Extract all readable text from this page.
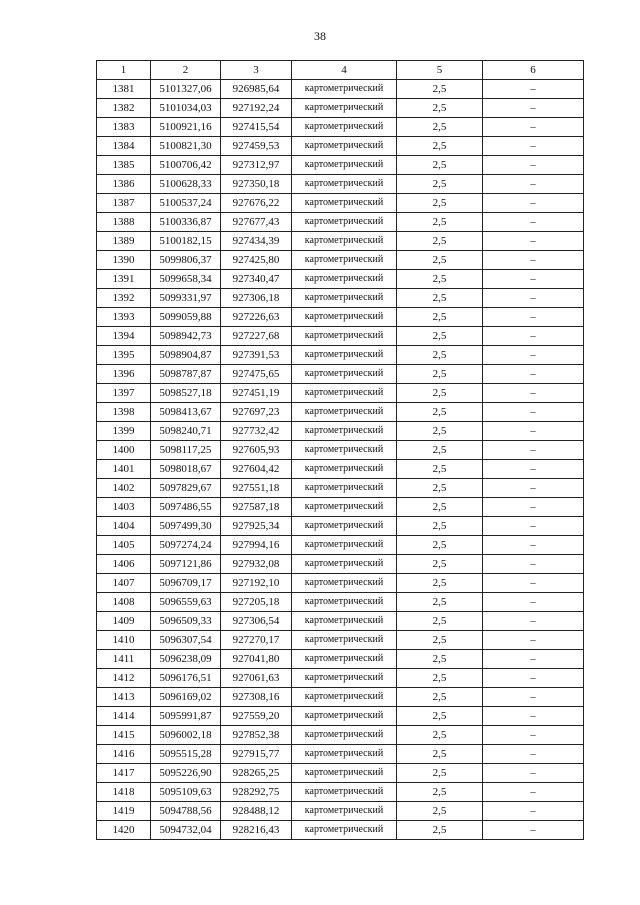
38
1	2	3	4	5	6
1381	5101327,06	926985,64	картометрический	2,5	–
1382	5101034,03	927192,24	картометрический	2,5	–
1383	5100921,16	927415,54	картометрический	2,5	–
1384	5100821,30	927459,53	картометрический	2,5	–
1385	5100706,42	927312,97	картометрический	2,5	–
1386	5100628,33	927350,18	картометрический	2,5	–
1387	5100537,24	927676,22	картометрический	2,5	–
1388	5100336,87	927677,43	картометрический	2,5	–
1389	5100182,15	927434,39	картометрический	2,5	–
1390	5099806,37	927425,80	картометрический	2,5	–
1391	5099658,34	927340,47	картометрический	2,5	–
1392	5099331,97	927306,18	картометрический	2,5	–
1393	5099059,88	927226,63	картометрический	2,5	–
1394	5098942,73	927227,68	картометрический	2,5	–
1395	5098904,87	927391,53	картометрический	2,5	–
1396	5098787,87	927475,65	картометрический	2,5	–
1397	5098527,18	927451,19	картометрический	2,5	–
1398	5098413,67	927697,23	картометрический	2,5	–
1399	5098240,71	927732,42	картометрический	2,5	–
1400	5098117,25	927605,93	картометрический	2,5	–
1401	5098018,67	927604,42	картометрический	2,5	–
1402	5097829,67	927551,18	картометрический	2,5	–
1403	5097486,55	927587,18	картометрический	2,5	–
1404	5097499,30	927925,34	картометрический	2,5	–
1405	5097274,24	927994,16	картометрический	2,5	–
1406	5097121,86	927932,08	картометрический	2,5	–
1407	5096709,17	927192,10	картометрический	2,5	–
1408	5096559,63	927205,18	картометрический	2,5	–
1409	5096509,33	927306,54	картометрический	2,5	–
1410	5096307,54	927270,17	картометрический	2,5	–
1411	5096238,09	927041,80	картометрический	2,5	–
1412	5096176,51	927061,63	картометрический	2,5	–
1413	5096169,02	927308,16	картометрический	2,5	–
1414	5095991,87	927559,20	картометрический	2,5	–
1415	5096002,18	927852,38	картометрический	2,5	–
1416	5095515,28	927915,77	картометрический	2,5	–
1417	5095226,90	928265,25	картометрический	2,5	–
1418	5095109,63	928292,75	картометрический	2,5	–
1419	5094788,56	928488,12	картометрический	2,5	–
1420	5094732,04	928216,43	картометрический	2,5	–
